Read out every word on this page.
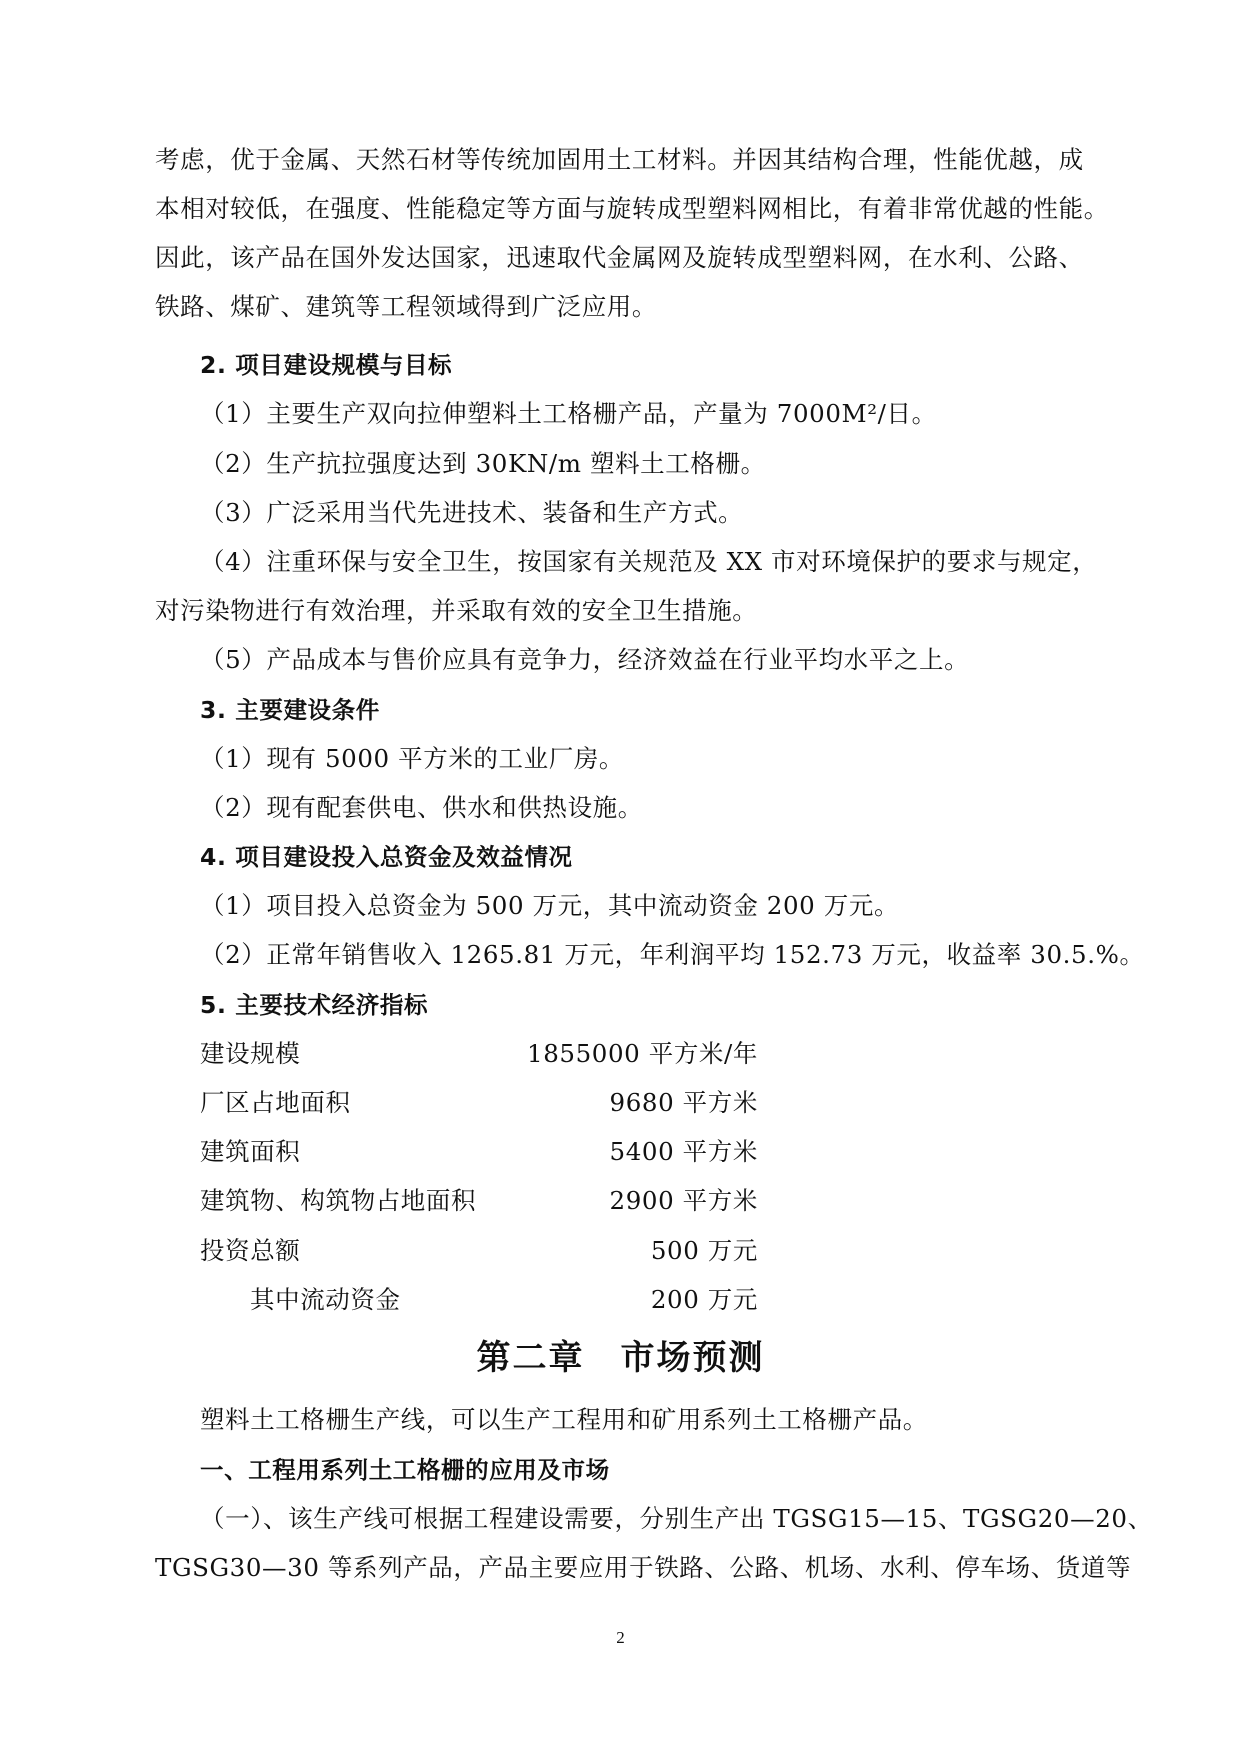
考虑，优于金属、天然石材等传统加固用土工材料。并因其结构合理，性能优越，成
本相对较低，在强度、性能稳定等方面与旋转成型塑料网相比，有着非常优越的性能。
因此，该产品在国外发达国家，迅速取代金属网及旋转成型塑料网，在水利、公路、
铁路、煤矿、建筑等工程领域得到广泛应用。
2. 项目建设规模与目标
（1）主要生产双向拉伸塑料土工格栅产品，产量为 7000M²/日。
（2）生产抗拉强度达到 30KN/m 塑料土工格栅。
（3）广泛采用当代先进技术、装备和生产方式。
（4）注重环保与安全卫生，按国家有关规范及 XX 市对环境保护的要求与规定，
对污染物进行有效治理，并采取有效的安全卫生措施。
（5）产品成本与售价应具有竞争力，经济效益在行业平均水平之上。
3. 主要建设条件
（1）现有 5000 平方米的工业厂房。
（2）现有配套供电、供水和供热设施。
4. 项目建设投入总资金及效益情况
（1）项目投入总资金为 500 万元，其中流动资金 200 万元。
（2）正常年销售收入 1265.81 万元，年利润平均 152.73 万元，收益率 30.5.%。
5. 主要技术经济指标
建设规模	1855000 平方米/年
厂区占地面积	9680 平方米
建筑面积	5400 平方米
建筑物、构筑物占地面积	2900 平方米
投资总额	500 万元
其中流动资金	200 万元
第二章　市场预测
塑料土工格栅生产线，可以生产工程用和矿用系列土工格栅产品。
一、工程用系列土工格栅的应用及市场
（一）、该生产线可根据工程建设需要，分别生产出 TGSG15—15、TGSG20—20、
TGSG30—30 等系列产品，产品主要应用于铁路、公路、机场、水利、停车场、货道等
2
